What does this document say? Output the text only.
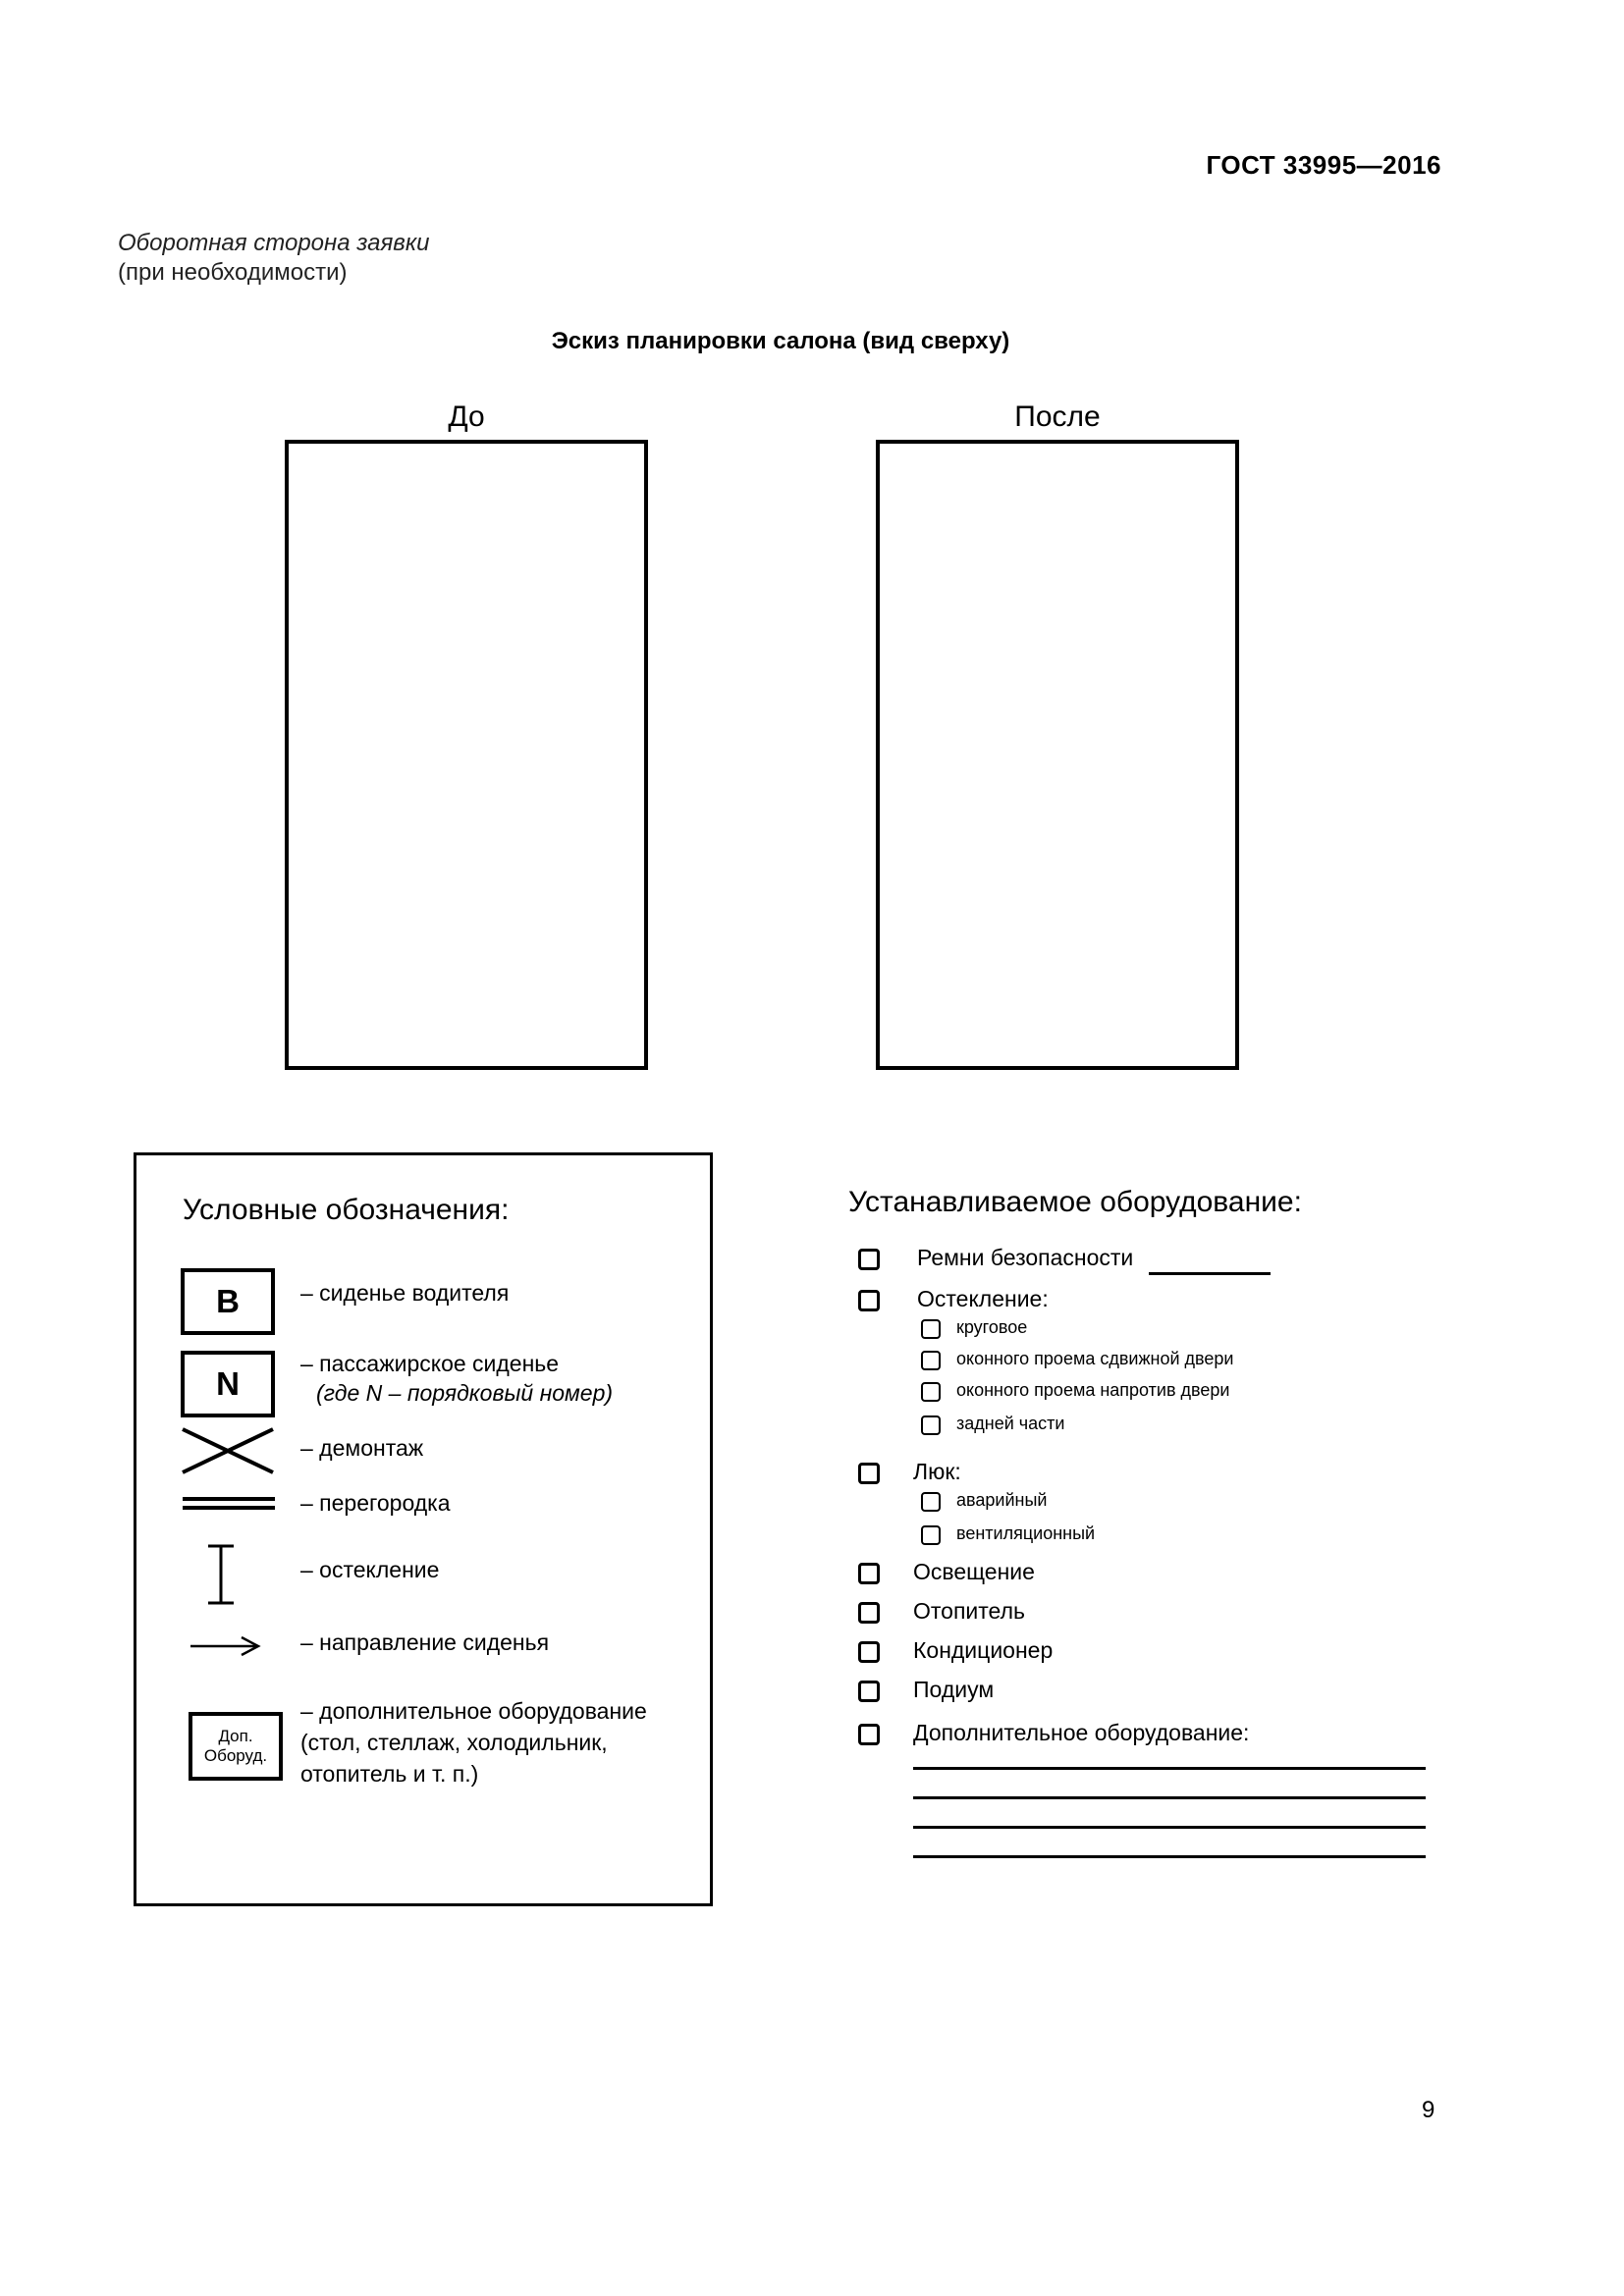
ГОСТ 33995—2016
Оборотная сторона заявки
(при необходимости)
Эскиз планировки салона (вид сверху)
До	После
Условные обозначения:
B	– сиденье водителя
N
– пассажирское сиденье
(где N – порядковый номер)
– демонтаж
– перегородка
– остекление
– направление сиденья
Доп.
Оборуд.
– дополнительное оборудование
(стол, стеллаж, холодильник,
отопитель и т. п.)
Устанавливаемое оборудование:
Ремни безопасности
Остекление:
круговое
оконного проема сдвижной двери
оконного проема напротив двери
задней части
Люк:
аварийный
вентиляционный
Освещение
Отопитель
Кондиционер
Подиум
Дополнительное оборудование:
9
